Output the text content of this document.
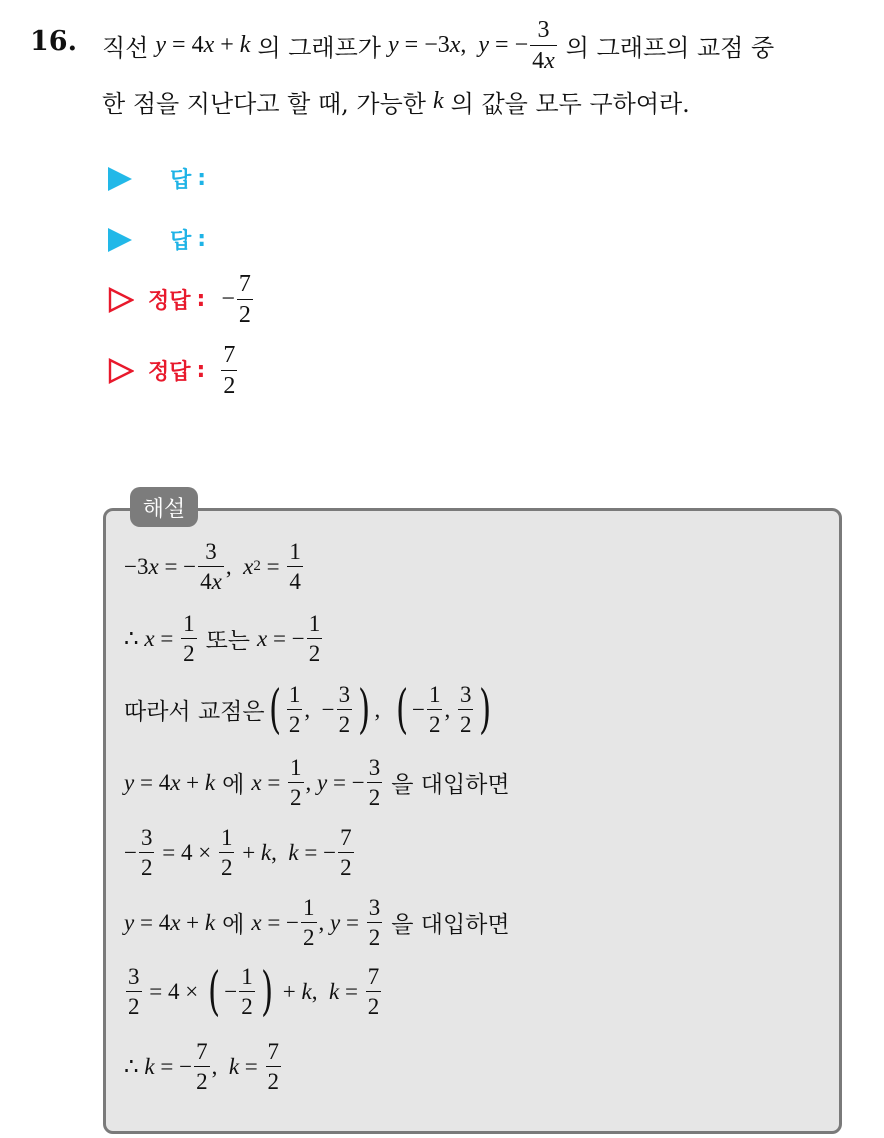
16. 직선 y = 4 x + k 의 그래프가 y = −3 x , y = − $\frac{3}{4x}$ 의 그래프의 교점 중
한 점을 지난다고 할 때, 가능한 k 의 값을 모두 구하여라.
답 :
답 :
정답 : − $\frac{7}{2}$
정답 : $\frac{7}{2}$
해설
−3 x = − $\frac{3}{4x}$ , x $2 = \frac{1}{4}$
∴ $x = \frac{1}{2}$ 또는 x = − $\frac{1}{2}$
따라서 교점은 ( $\frac{1}{2}$ ,  − $\frac{3}{2}$ ) , ( − $\frac{1}{2}$ , $\frac{3}{2}$ )
y = 4 x + k 에 $x = \frac{1}{2}$ , y = − $\frac{3}{2}$ 을 대입하면
− $\frac{3}{2} = 4 \times \frac{1}{2} + k$ , k = − $\frac{7}{2}$
y = 4 x + k 에 x = − $\frac{1}{2}$ , $y = \frac{3}{2}$ 을 대입하면
$\frac{3}{2} = 4$ × ( − $\frac{1}{2}$ ) + k , $k = \frac{7}{2}$
∴ k = − $\frac{7}{2}$ , $k = \frac{7}{2}$
